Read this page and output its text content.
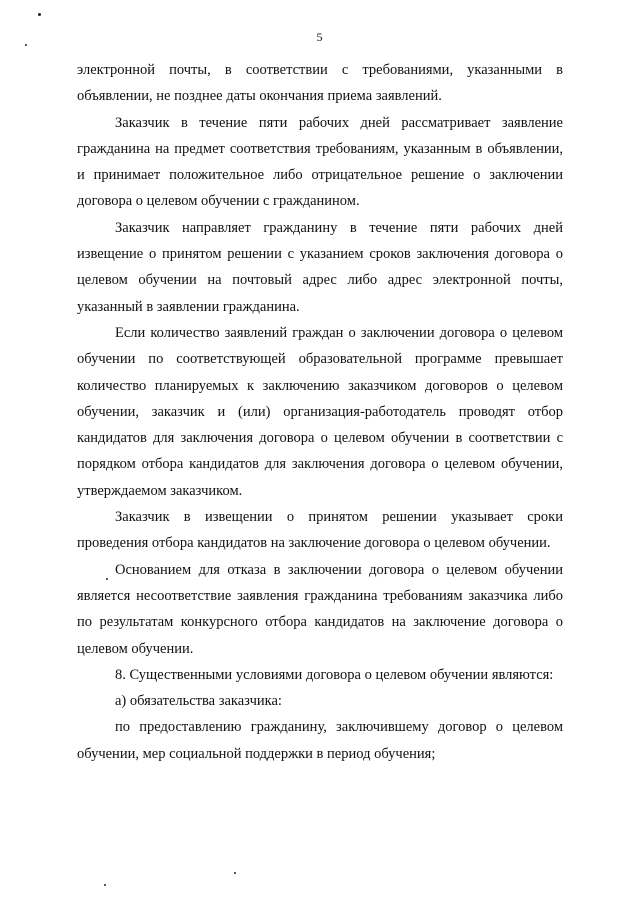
5

электронной почты, в соответствии с требованиями, указанными в объявлении, не позднее даты окончания приема заявлений.

Заказчик в течение пяти рабочих дней рассматривает заявление гражданина на предмет соответствия требованиям, указанным в объявлении, и принимает положительное либо отрицательное решение о заключении договора о целевом обучении с гражданином.

Заказчик направляет гражданину в течение пяти рабочих дней извещение о принятом решении с указанием сроков заключения договора о целевом обучении на почтовый адрес либо адрес электронной почты, указанный в заявлении гражданина.

Если количество заявлений граждан о заключении договора о целевом обучении по соответствующей образовательной программе превышает количество планируемых к заключению заказчиком договоров о целевом обучении, заказчик и (или) организация-работодатель проводят отбор кандидатов для заключения договора о целевом обучении в соответствии с порядком отбора кандидатов для заключения договора о целевом обучении, утверждаемом заказчиком.

Заказчик в извещении о принятом решении указывает сроки проведения отбора кандидатов на заключение договора о целевом обучении.

Основанием для отказа в заключении договора о целевом обучении является несоответствие заявления гражданина требованиям заказчика либо по результатам конкурсного отбора кандидатов на заключение договора о целевом обучении.

8. Существенными условиями договора о целевом обучении являются:

а) обязательства заказчика:

по предоставлению гражданину, заключившему договор о целевом обучении, мер социальной поддержки в период обучения;
